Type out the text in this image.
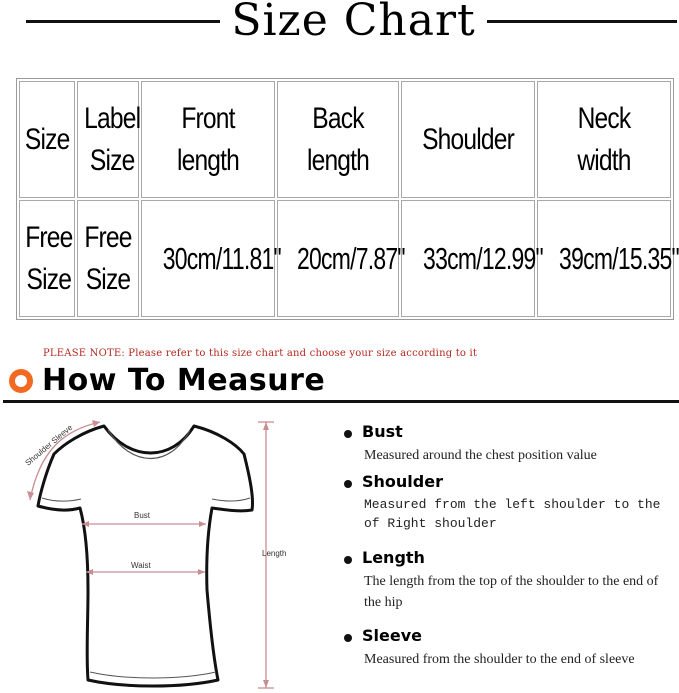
Size Chart
Size	Label Size	Front length	Back length	Shoulder	Neck width
Free Size	Free Size	30cm/11.81"	20cm/7.87"	33cm/12.99"	39cm/15.35"
PLEASE NOTE: Please refer to this size chart and choose your size according to it
How To Measure
Shoulder Sleeve
Bust
Waist
Length
Bust
Measured around the chest position value
Shoulder
Measured from the left shoulder to the of Right shoulder
Length
The length from the top of the shoulder to the end of the hip
Sleeve
Measured from the shoulder to the end of sleeve
